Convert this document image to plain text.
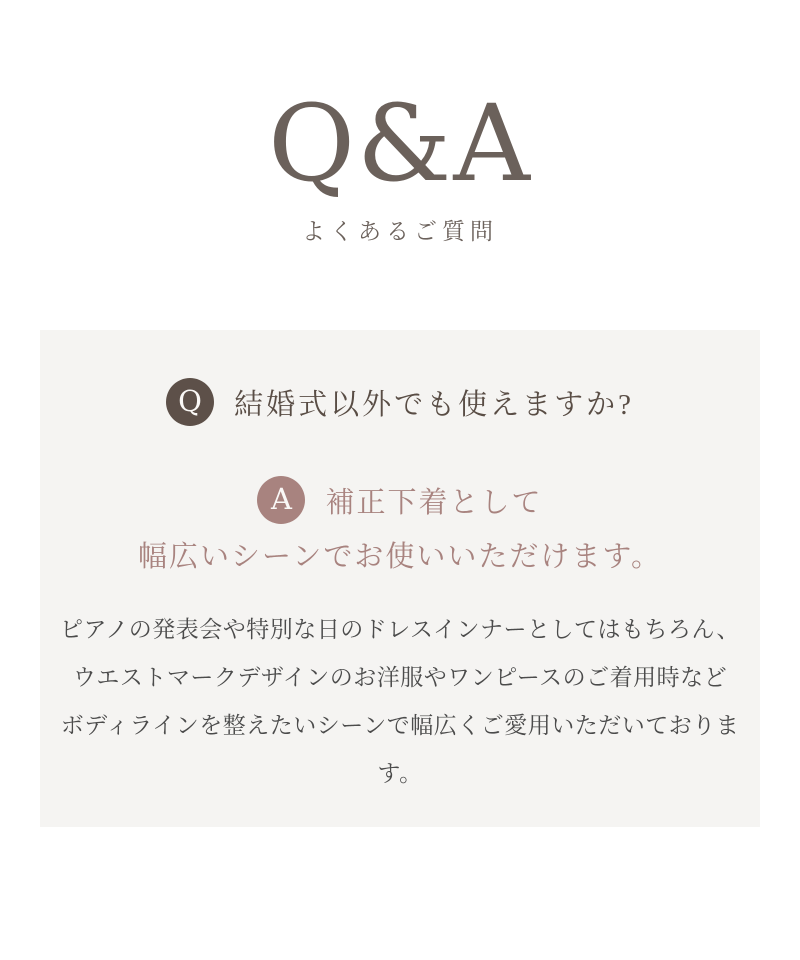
Q&A

よくあるご質問

Q	結婚式以外でも使えますか?
A	補正下着として
幅広いシーンでお使いいただけます。

ピアノの発表会や特別な日のドレスインナーとしてはもちろん、

ウエストマークデザインのお洋服やワンピースのご着用時など

ボディラインを整えたいシーンで幅広くご愛用いただいております。
